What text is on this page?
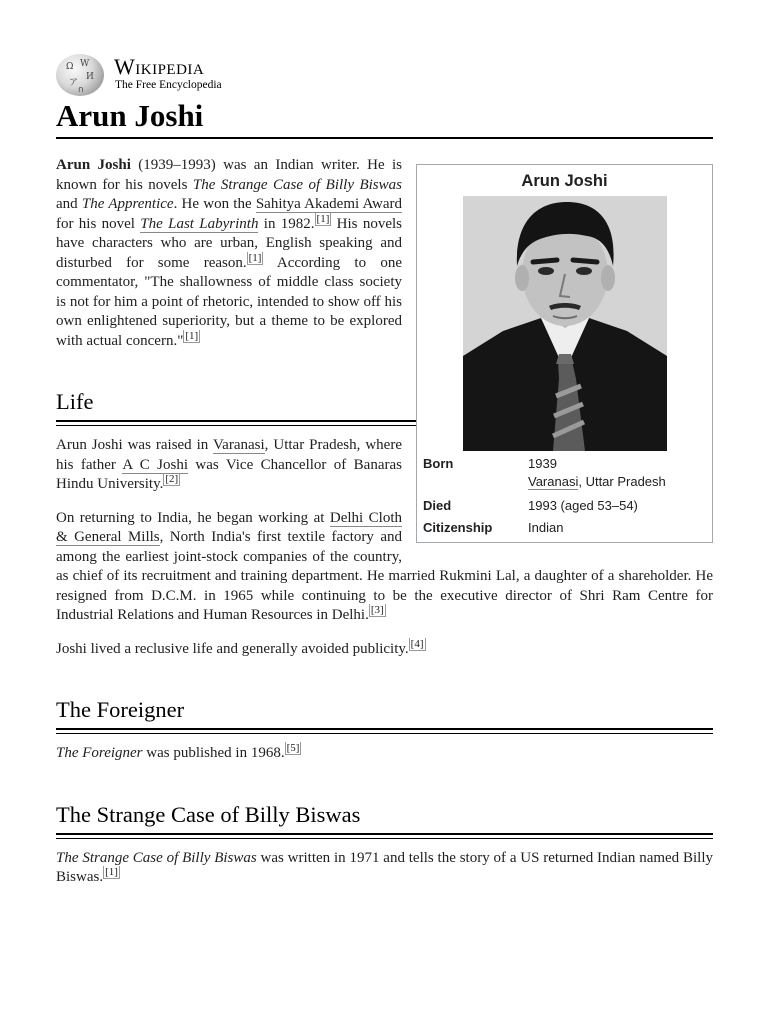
Ω W
И
ア
ก
Wikipedia
The Free Encyclopedia
Arun Joshi
Arun Joshi
Born	1939
Varanasi, Uttar Pradesh
Died	1993 (aged 53–54)
Citizenship	Indian

Arun Joshi (1939–1993) was an Indian writer. He is known for his novels The Strange Case of Billy Biswas and The Apprentice. He won the Sahitya Akademi Award for his novel The Last Labyrinth in 1982. [1] His novels have characters who are urban, English speaking and disturbed for some reason. [1] According to one commentator, "The shallowness of middle class society is not for him a point of rhetoric, intended to show off his own enlightened superiority, but a theme to be explored with actual concern." [1]

Life

Arun Joshi was raised in Varanasi, Uttar Pradesh, where his father A C Joshi was Vice Chancellor of Banaras Hindu University. [2]

On returning to India, he began working at Delhi Cloth & General Mills, North India's first textile factory and among the earliest joint-stock companies of the country, as chief of its recruitment and training department. He married Rukmini Lal, a daughter of a shareholder. He resigned from D.C.M. in 1965 while continuing to be the executive director of Shri Ram Centre for Industrial Relations and Human Resources in Delhi. [3]

Joshi lived a reclusive life and generally avoided publicity. [4]

The Foreigner

The Foreigner was published in 1968. [5]

The Strange Case of Billy Biswas

The Strange Case of Billy Biswas was written in 1971 and tells the story of a US returned Indian named Billy Biswas. [1]
